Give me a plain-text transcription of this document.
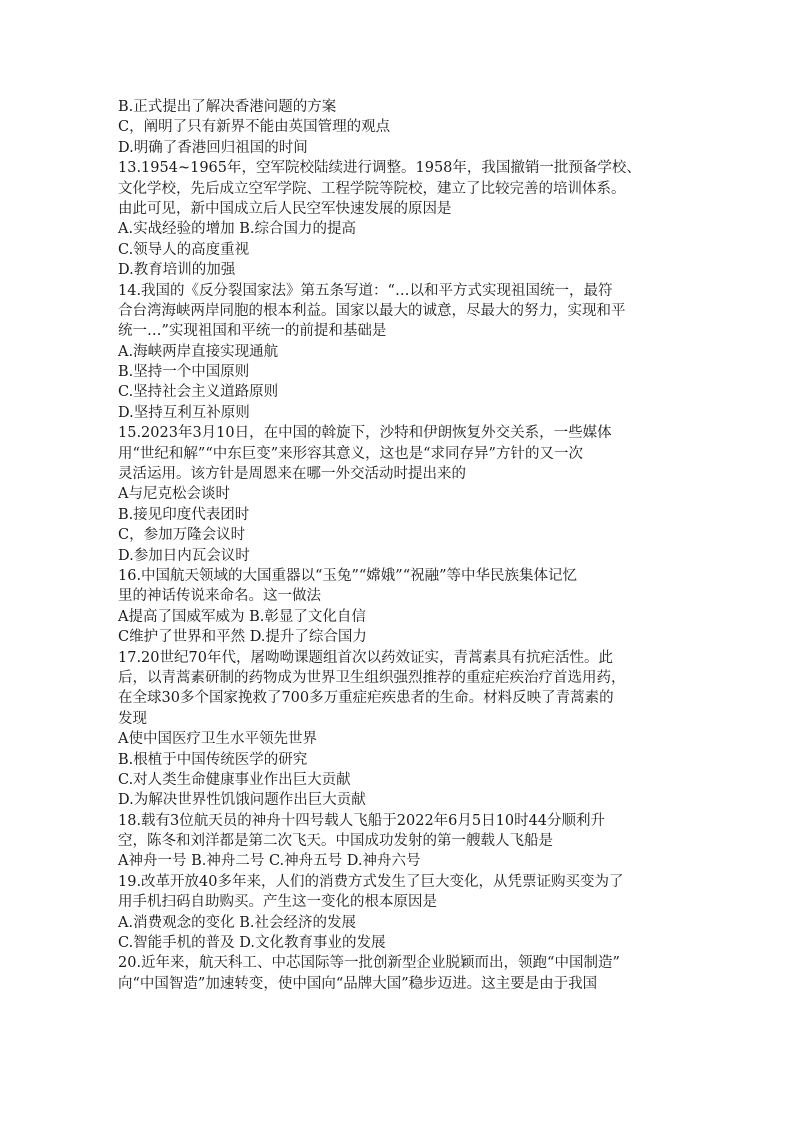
B.正式提出了解决香港问题的方案
C，阐明了只有新界不能由英国管理的观点
D.明确了香港回归祖国的时间
13.1954~1965年，空军院校陆续进行调整。1958年，我国撤销一批预备学校、
文化学校，先后成立空军学院、工程学院等院校，建立了比较完善的培训体系。
由此可见，新中国成立后人民空军快速发展的原因是
A.实战经验的增加 B.综合国力的提高
C.领导人的高度重视
D.教育培训的加强
14.我国的《反分裂国家法》第五条写道：“…以和平方式实现祖国统一，最符
合台湾海峡两岸同胞的根本利益。国家以最大的诚意，尽最大的努力，实现和平
统一…”实现祖国和平统一的前提和基础是
A.海峡两岸直接实现通航
B.坚持一个中国原则
C.坚持社会主义道路原则
D.坚持互利互补原则
15.2023年3月10日，在中国的斡旋下，沙特和伊朗恢复外交关系，一些媒体
用“世纪和解”“中东巨变”来形容其意义，这也是“求同存异”方针的又一次
灵活运用。该方针是周恩来在哪一外交活动时提出来的
A与尼克松会谈时
B.接见印度代表团时
C，参加万隆会议时
D.参加日内瓦会议时
16.中国航天领域的大国重器以“玉兔”“嫦娥”“祝融”等中华民族集体记忆
里的神话传说来命名。这一做法
A提高了国威军威为 B.彰显了文化自信
C维护了世界和平然 D.提升了综合国力
17.20世纪70年代，屠呦呦课题组首次以药效证实，青蒿素具有抗疟活性。此
后，以青蒿素研制的药物成为世界卫生组织强烈推荐的重症疟疾治疗首选用药，
在全球30多个国家挽救了700多万重症疟疾患者的生命。材料反映了青蒿素的
发现
A使中国医疗卫生水平领先世界
B.根植于中国传统医学的研究
C.对人类生命健康事业作出巨大贡献
D.为解决世界性饥饿问题作出巨大贡献
18.载有3位航天员的神舟十四号载人飞船于2022年6月5日10时44分顺利升
空，陈冬和刘洋都是第二次飞天。中国成功发射的第一艘载人飞船是
A神舟一号 B.神舟二号 C.神舟五号 D.神舟六号
19.改革开放40多年来，人们的消费方式发生了巨大变化，从凭票证购买变为了
用手机扫码自助购买。产生这一变化的根本原因是
A.消费观念的变化 B.社会经济的发展
C.智能手机的普及 D.文化教育事业的发展
20.近年来，航天科工、中芯国际等一批创新型企业脱颖而出，领跑“中国制造”
向“中国智造”加速转变，使中国向“品牌大国”稳步迈进。这主要是由于我国
